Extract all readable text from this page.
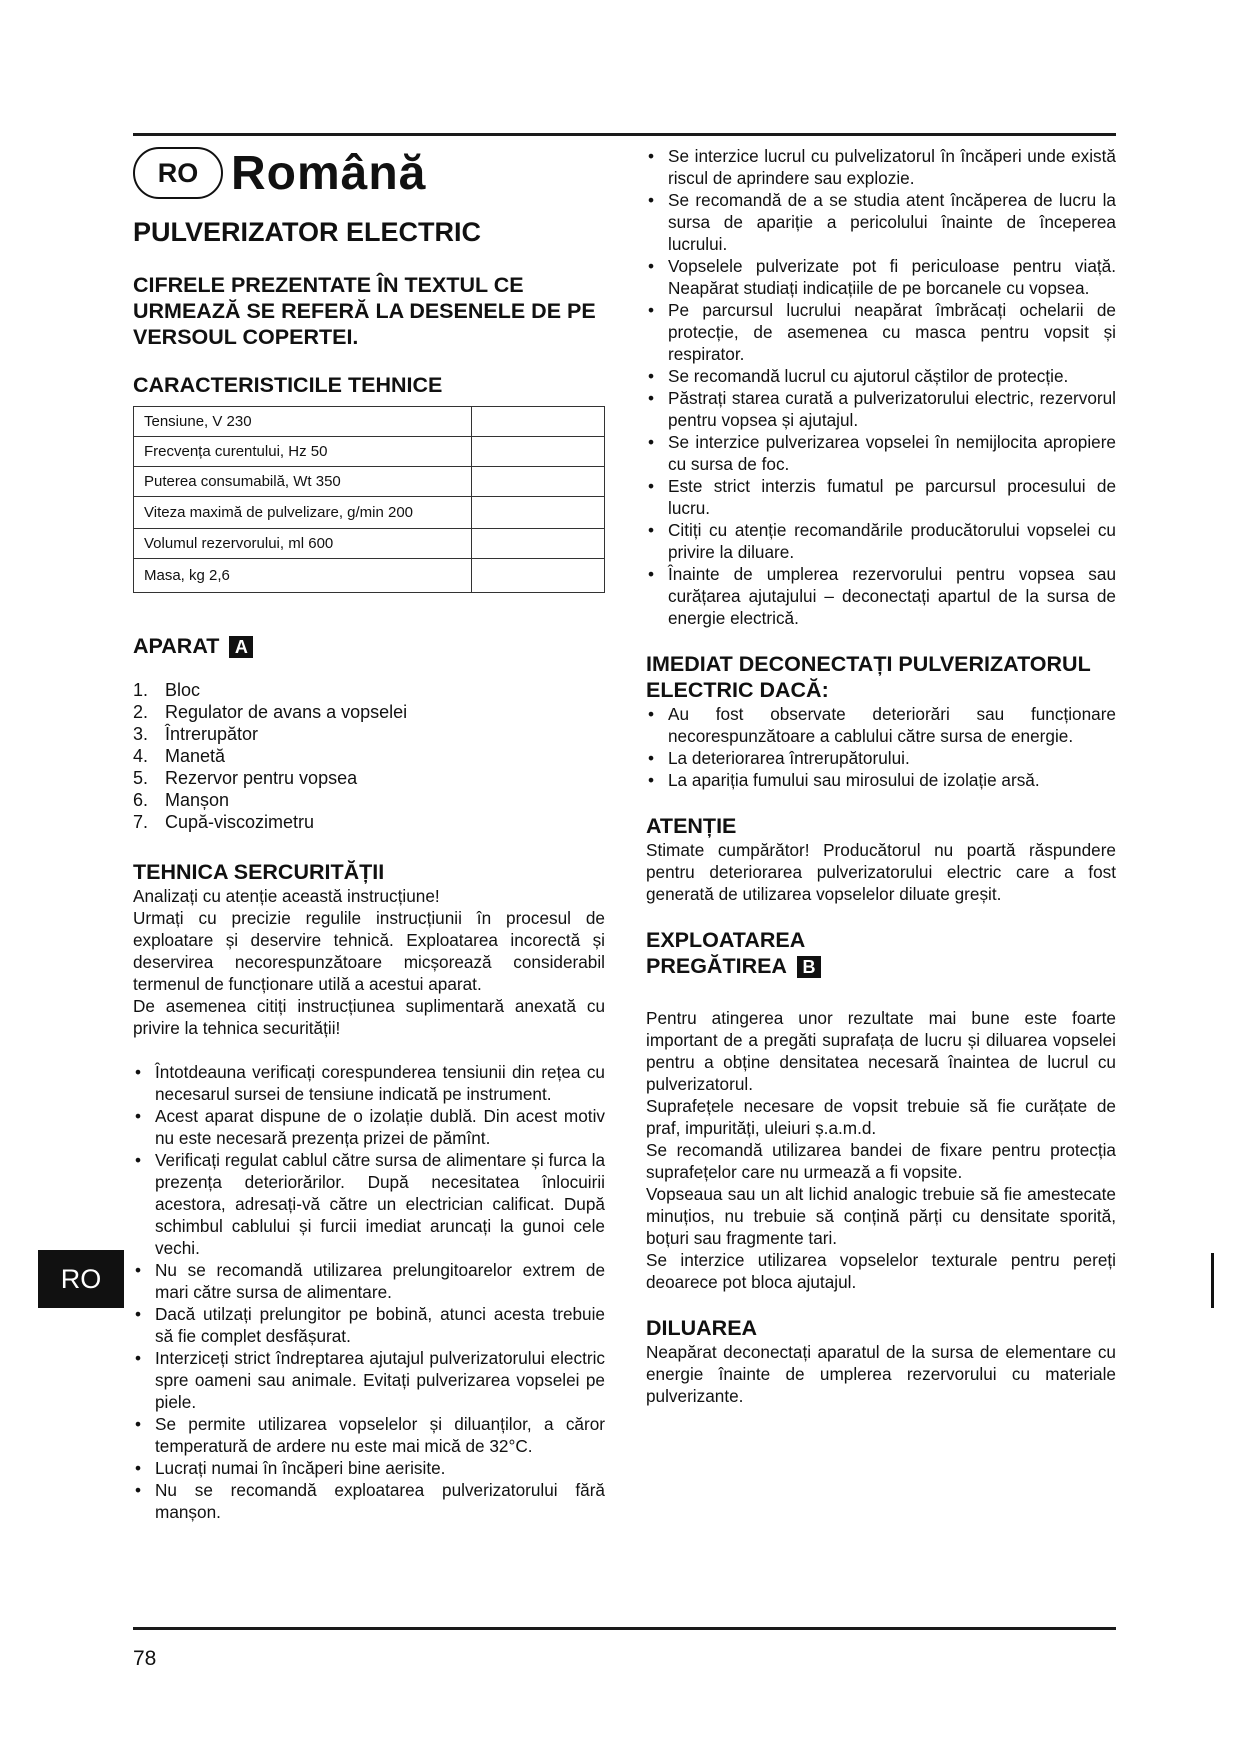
RO Română
PULVERIZATOR ELECTRIC
CIFRELE PREZENTATE ÎN TEXTUL CE URMEAZĂ SE REFERĂ LA DESENELE DE PE VERSOUL COPERTEI.
CARACTERISTICILE TEHNICE
Tensiune, V 230	
Frecvența curentului, Hz 50	
Puterea consumabilă, Wt 350	
Viteza maximă de pulvelizare, g/min 200	
Volumul rezervorului, ml 600	
Masa, kg 2,6	
APARAT A
1. Bloc
2. Regulator de avans a vopselei
3. Întrerupător
4. Manetă
5. Rezervor pentru vopsea
6. Manșon
7. Cupă-viscozimetru
TEHNICA SERCURITĂȚII

Analizați cu atenție această instrucțiune!

Urmați cu precizie regulile instrucțiunii în procesul de exploatare și deservire tehnică. Exploatarea incorectă și deservirea necorespunzătoare micșorează considerabil termenul de funcționare utilă a acestui aparat.

De asemenea citiți instrucțiunea suplimentară anexată cu privire la tehnica securității!

• Întotdeauna verificați corespunderea tensiunii din rețea cu necesarul sursei de tensiune indicată pe instrument.
• Acest aparat dispune de o izolație dublă. Din acest motiv nu este necesară prezența prizei de pămînt.
• Verificați regulat cablul către sursa de alimentare și furca la prezența deteriorărilor. După necesitatea înlocuirii acestora, adresați-vă către un electrician calificat. După schimbul cablului și furcii imediat aruncați la gunoi cele vechi.
• Nu se recomandă utilizarea prelungitoarelor extrem de mari către sursa de alimentare.
• Dacă utilzați prelungitor pe bobină, atunci acesta trebuie să fie complet desfășurat.
• Interziceți strict îndreptarea ajutajul pulverizatorului electric spre oameni sau animale. Evitați pulverizarea vopselei pe piele.
• Se permite utilizarea vopselelor și diluanților, a căror temperatură de ardere nu este mai mică de 32°C.
• Lucrați numai în încăperi bine aerisite.
• Nu se recomandă exploatarea pulverizatorului fără manșon.
• Se interzice lucrul cu pulvelizatorul în încăperi unde există riscul de aprindere sau explozie.
• Se recomandă de a se studia atent încăperea de lucru la sursa de apariție a pericolului înainte de începerea lucrului.
• Vopselele pulverizate pot fi periculoase pentru viață. Neapărat studiați indicațiile de pe borcanele cu vopsea.
• Pe parcursul lucrului neapărat îmbrăcați ochelarii de protecție, de asemenea cu masca pentru vopsit și respirator.
• Se recomandă lucrul cu ajutorul căștilor de protecție.
• Păstrați starea curată a pulverizatorului electric, rezervorul pentru vopsea și ajutajul.
• Se interzice pulverizarea vopselei în nemijlocita apropiere cu sursa de foc.
• Este strict interzis fumatul pe parcursul procesului de lucru.
• Citiți cu atenție recomandările producătorului vopselei cu privire la diluare.
• Înainte de umplerea rezervorului pentru vopsea sau curățarea ajutajului – deconectați apartul de la sursa de energie electrică.
IMEDIAT DECONECTAȚI PULVERIZATORUL ELECTRIC DACĂ:
• Au fost observate deteriorări sau funcționare necorespunzătoare a cablului către sursa de energie.
• La deteriorarea întrerupătorului.
• La apariția fumului sau mirosului de izolație arsă.
ATENȚIE

Stimate cumpărător! Producătorul nu poartă răspundere pentru deteriorarea pulverizatorului electric care a fost generată de utilizarea vopselelor diluate greșit.

EXPLOATAREA
PREGĂTIREA B

Pentru atingerea unor rezultate mai bune este foarte important de a pregăti suprafața de lucru și diluarea vopselei pentru a obține densitatea necesară înaintea de lucrul cu pulverizatorul.

Suprafețele necesare de vopsit trebuie să fie curățate de praf, impurități, uleiuri ș.a.m.d.

Se recomandă utilizarea bandei de fixare pentru protecția suprafețelor care nu urmează a fi vopsite.

Vopseaua sau un alt lichid analogic trebuie să fie amestecate minuțios, nu trebuie să conțină părți cu densitate sporită, boțuri sau fragmente tari.

Se interzice utilizarea vopselelor texturale pentru pereți deoarece pot bloca ajutajul.

DILUAREA

Neapărat deconectați aparatul de la sursa de elementare cu energie înainte de umplerea rezervorului cu materiale pulverizante.

RO
78
